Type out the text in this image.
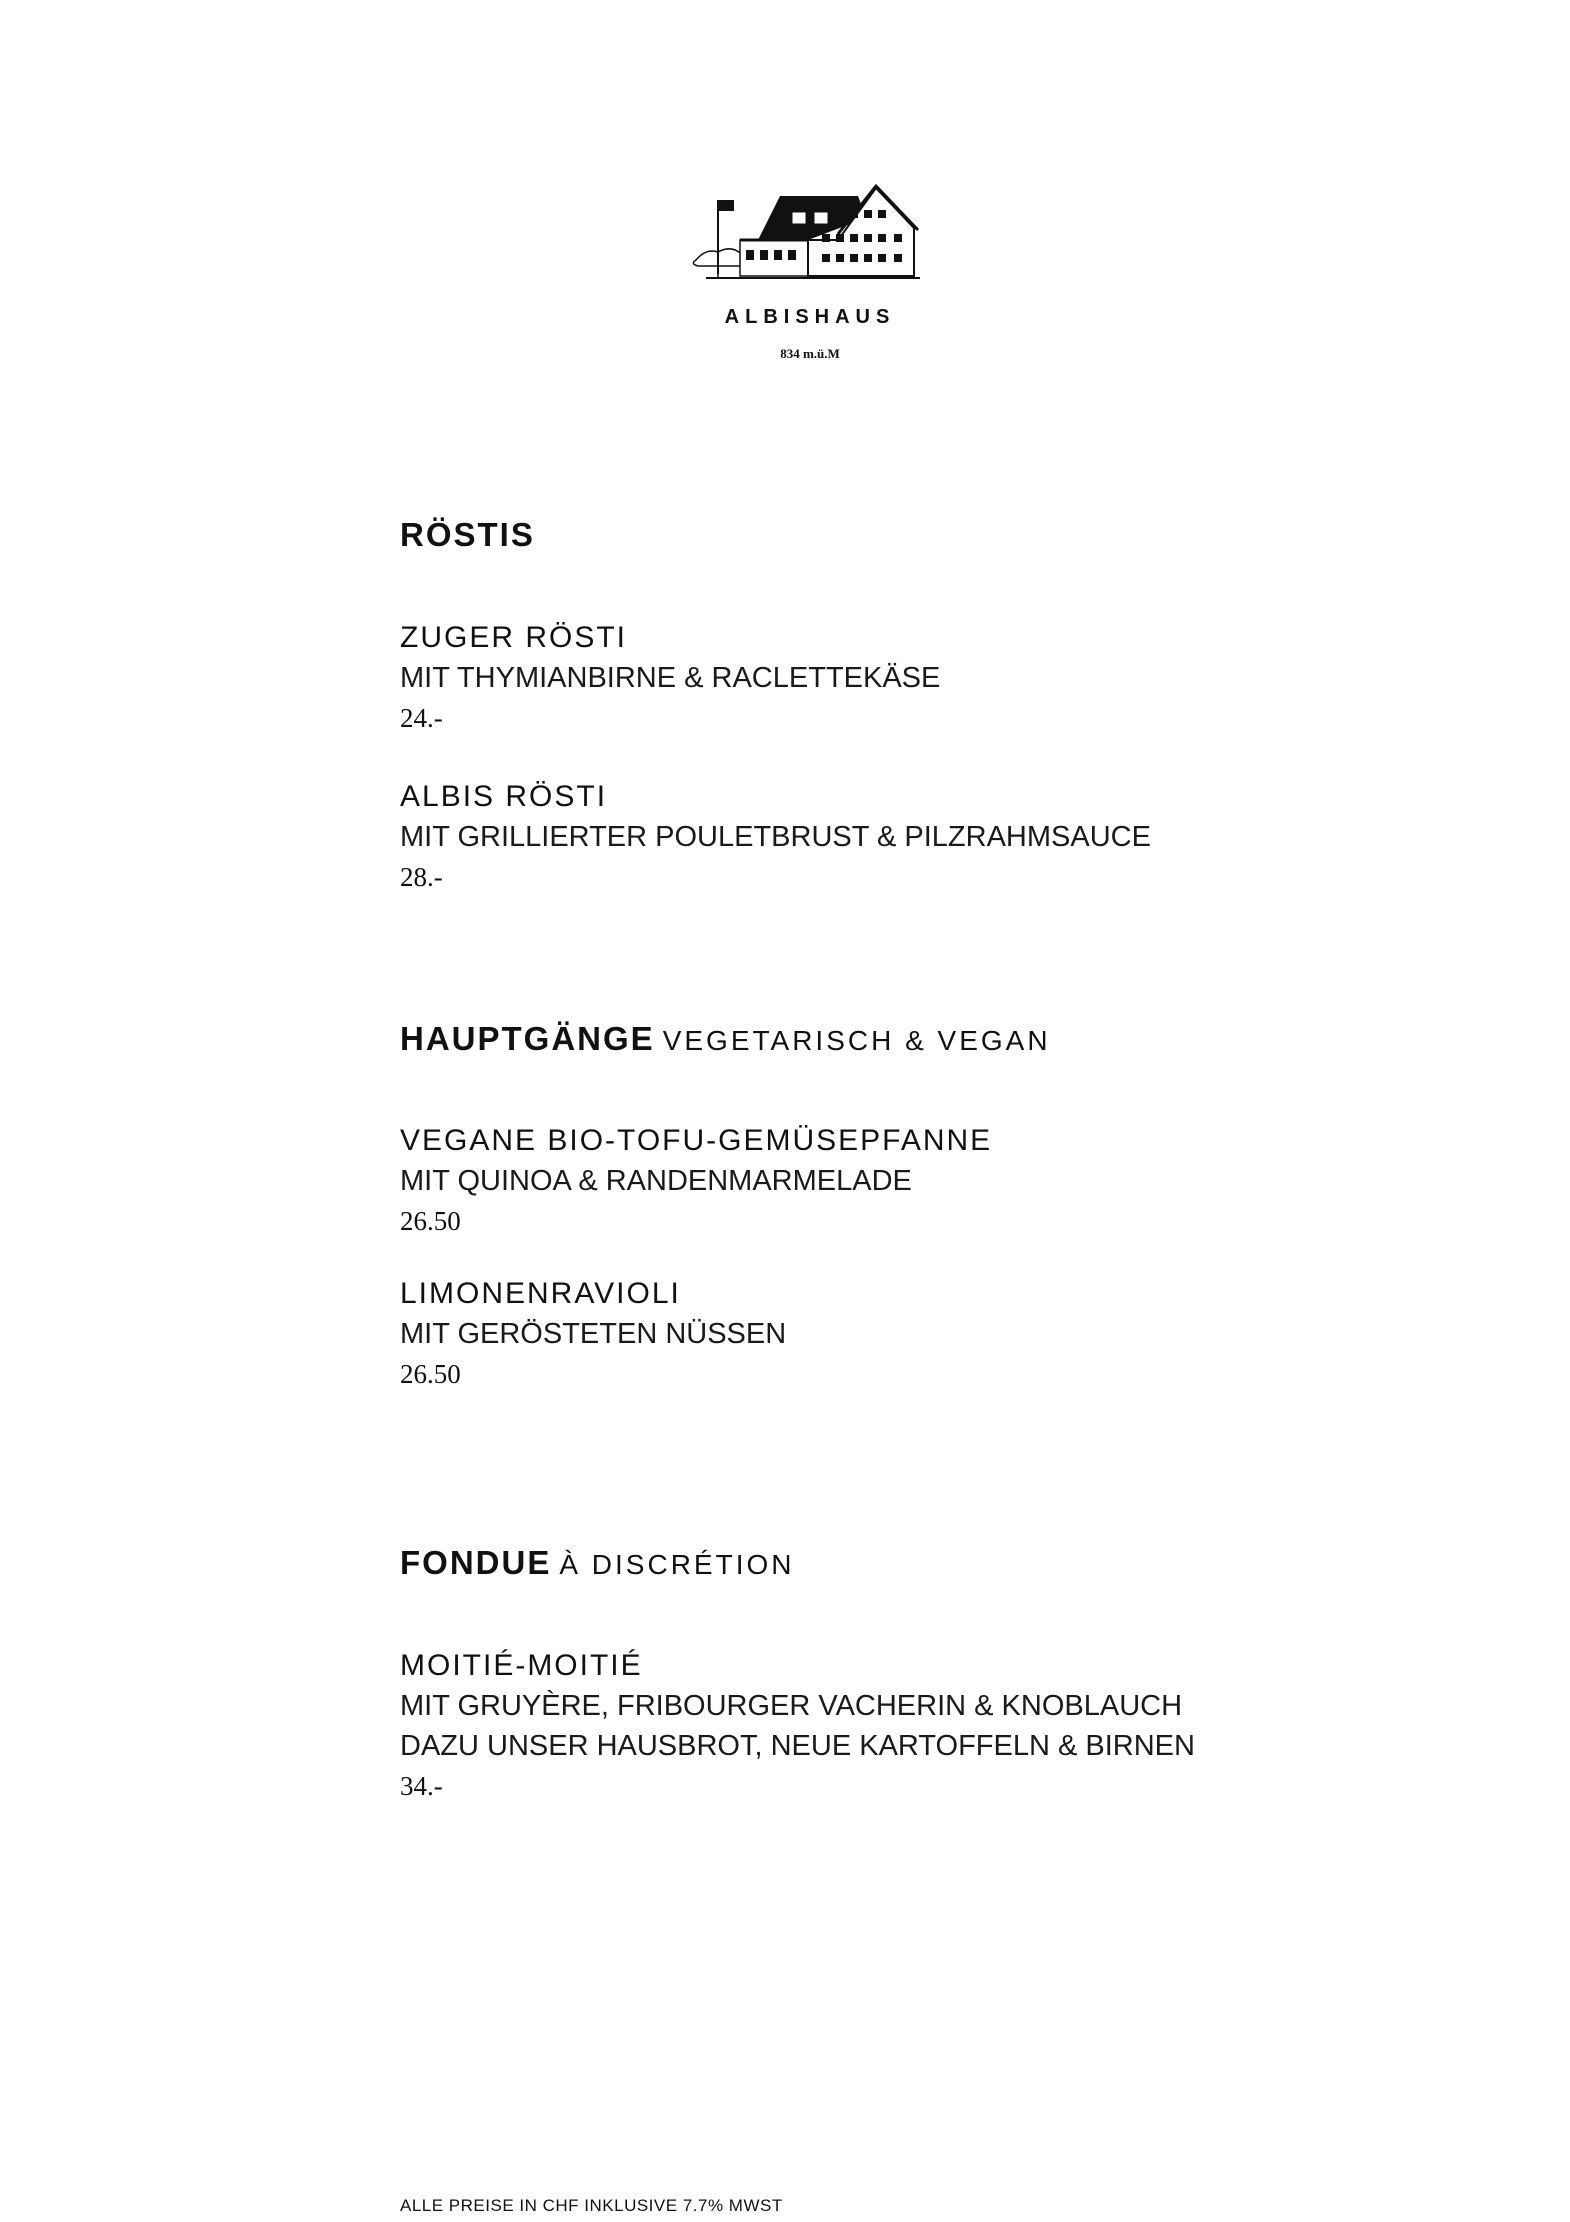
ALBISHAUS
834 m.ü.M
RÖSTIS
ZUGER RÖSTI
MIT THYMIANBIRNE & RACLETTEKÄSE
24.-
ALBIS RÖSTI
MIT GRILLIERTER POULETBRUST & PILZRAHMSAUCE
28.-
HAUPTGÄNGE VEGETARISCH & VEGAN
VEGANE BIO-TOFU-GEMÜSEPFANNE
MIT QUINOA & RANDENMARMELADE
26.50
LIMONENRAVIOLI
MIT GERÖSTETEN NÜSSEN
26.50
FONDUE À DISCRÉTION
MOITIÉ-MOITIÉ
MIT GRUYÈRE, FRIBOURGER VACHERIN & KNOBLAUCH
DAZU UNSER HAUSBROT, NEUE KARTOFFELN & BIRNEN
34.-
ALLE PREISE IN CHF INKLUSIVE 7.7% MWST
